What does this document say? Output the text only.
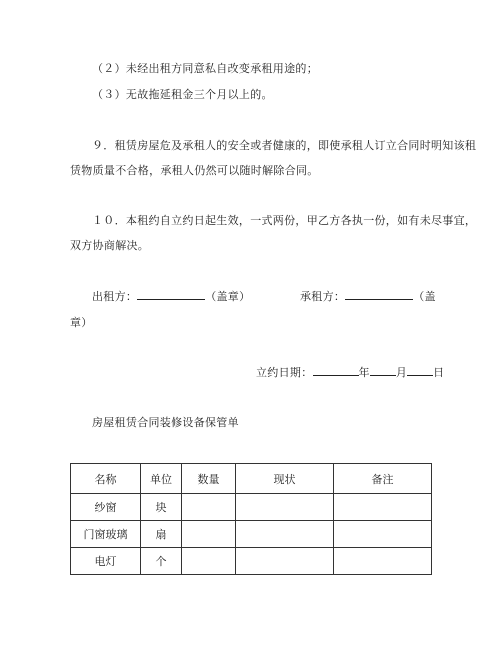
（２）未经出租方同意私自改变承租用途的；
（３）无故拖延租金三个月以上的。
９．租赁房屋危及承租人的安全或者健康的，即使承租人订立合同时明知该租
赁物质量不合格，承租人仍然可以随时解除合同。
１０．本租约自立约日起生效，一式两份，甲乙方各执一份，如有未尽事宜，
双方协商解决。
出租方：	（盖章）	承租方：	（盖
章）
立约日期：	年 月 日
房屋租赁合同装修设备保管单
名称	单位	数量	现状	备注
纱窗	块			
门窗玻璃	扇			
电灯	个			
